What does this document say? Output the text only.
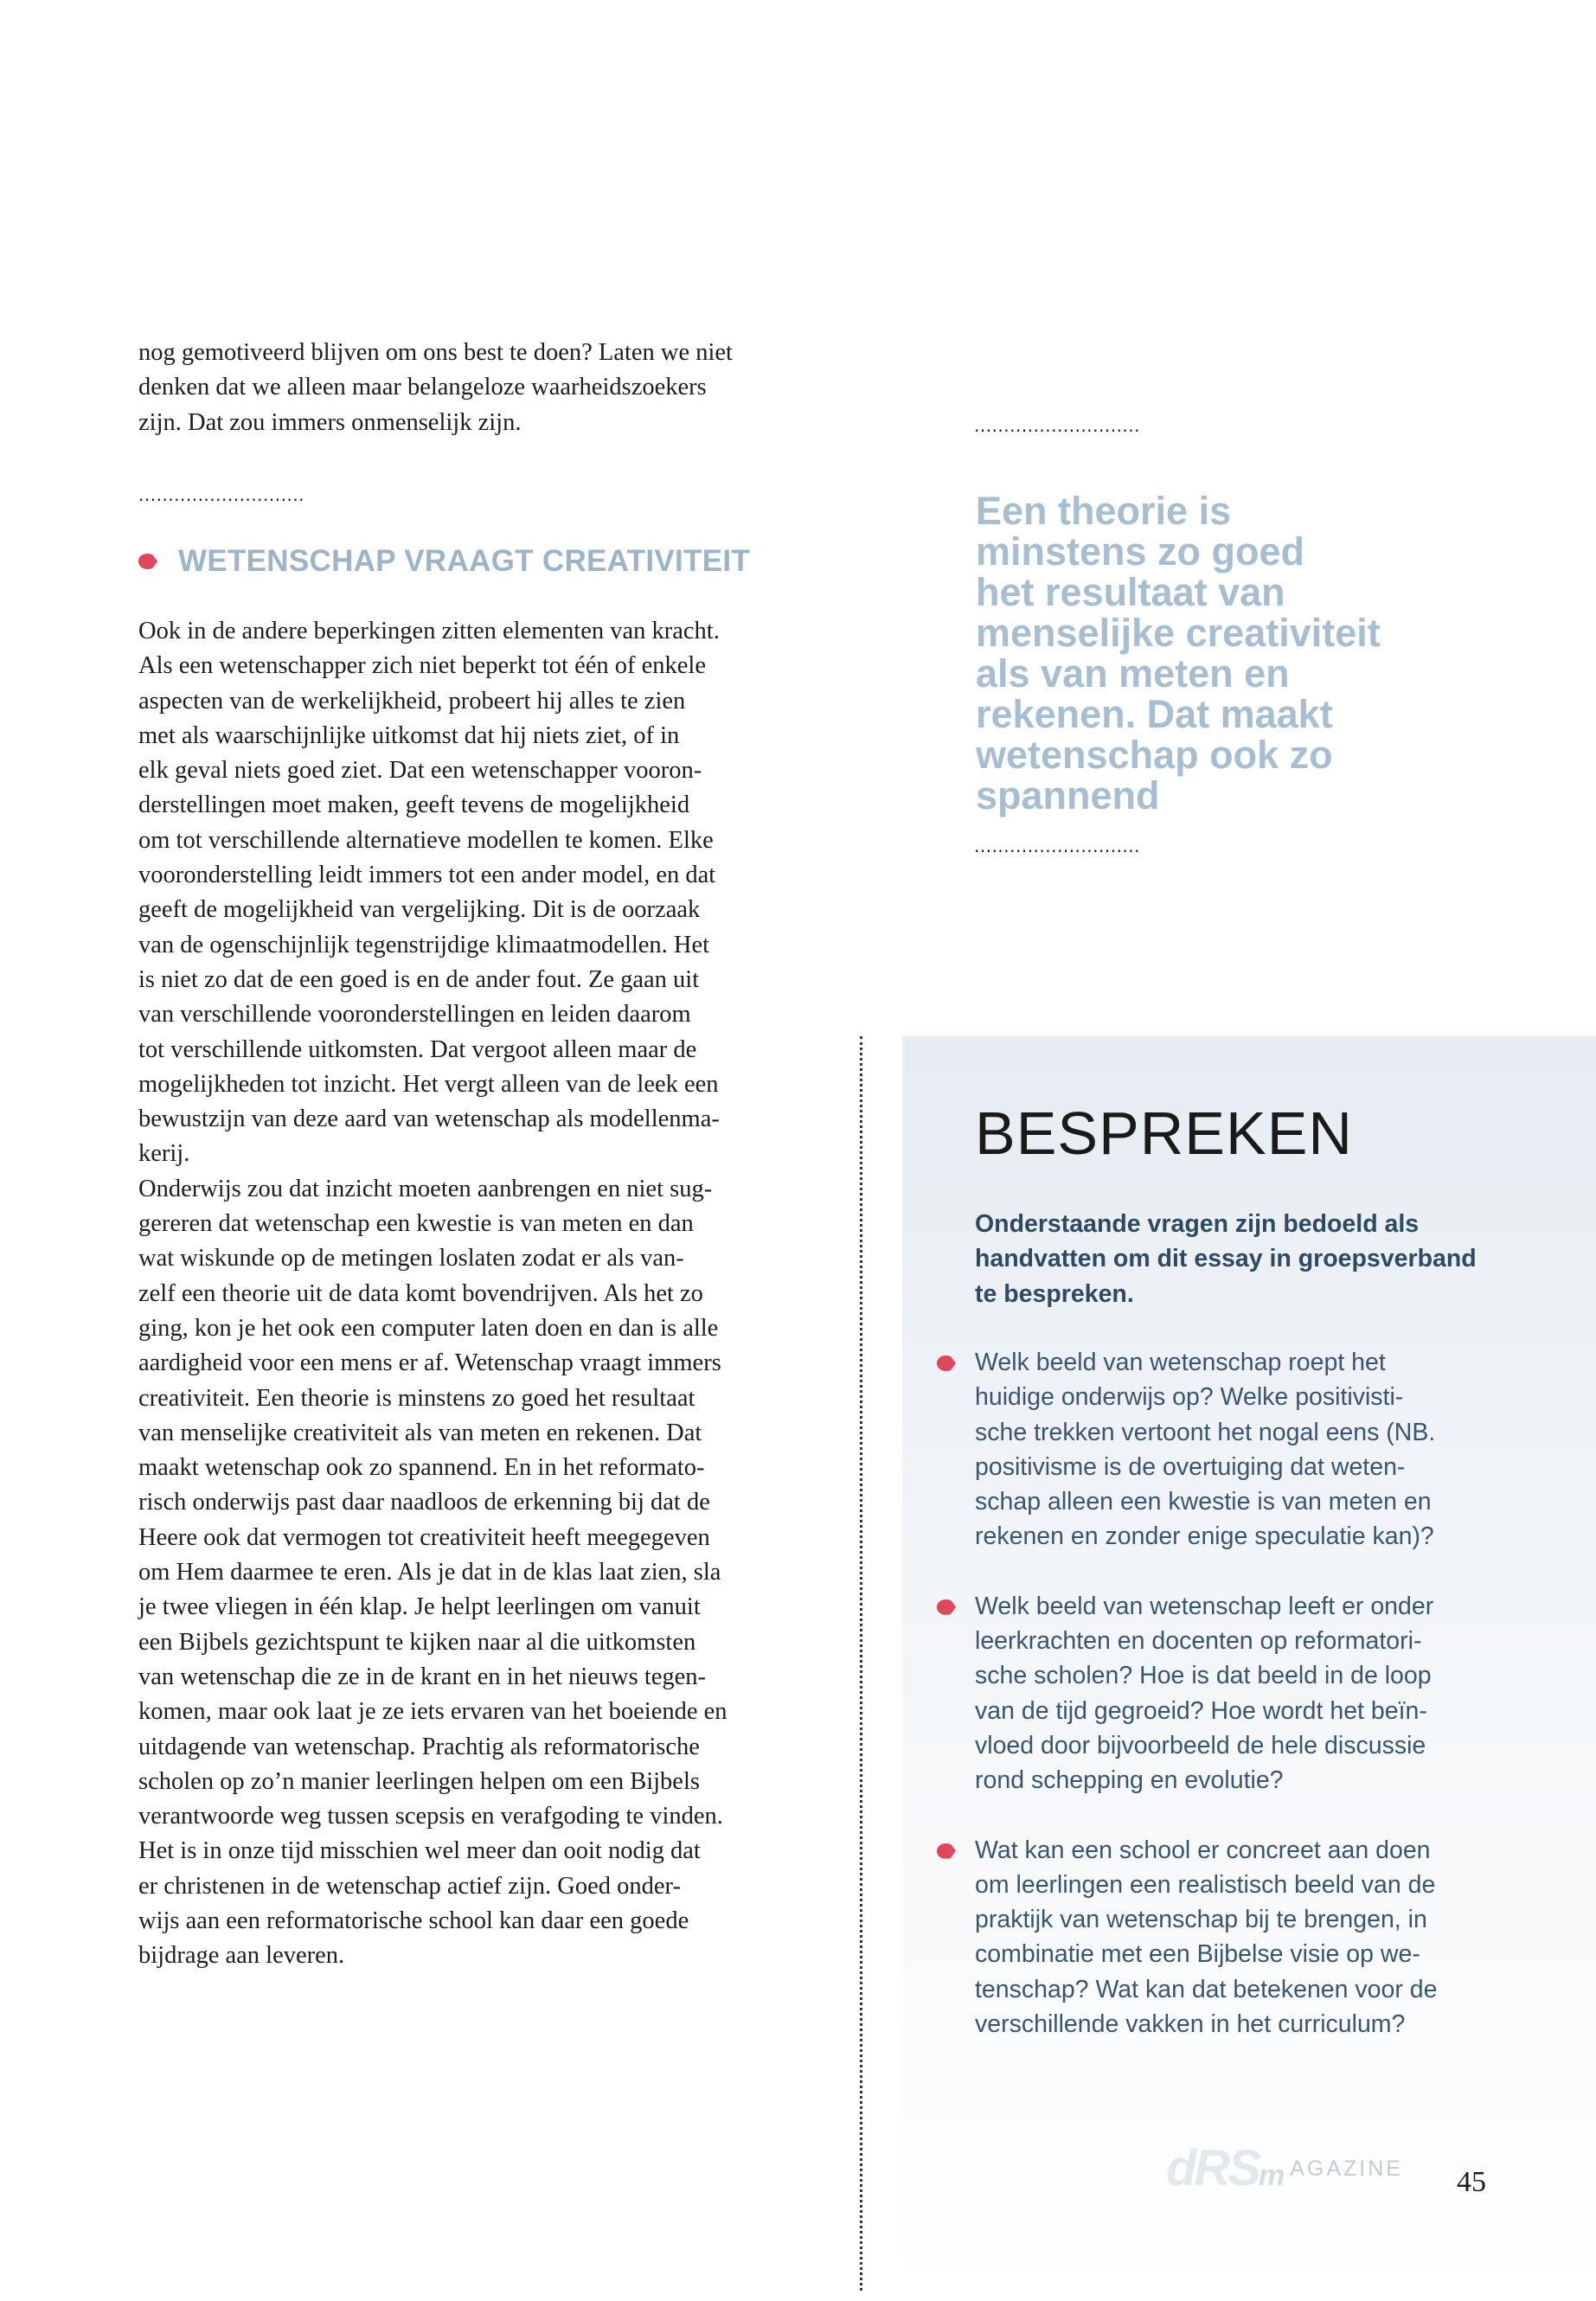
nog gemotiveerd blijven om ons best te doen? Laten we niet

denken dat we alleen maar belangeloze waarheidszoekers

zijn. Dat zou immers onmenselijk zijn.

............................
WETENSCHAP VRAAGT CREATIVITEIT

Ook in de andere beperkingen zitten elementen van kracht.

Als een wetenschapper zich niet beperkt tot één of enkele

aspecten van de werkelijkheid, probeert hij alles te zien

met als waarschijnlijke uitkomst dat hij niets ziet, of in

elk geval niets goed ziet. Dat een wetenschapper vooron-

derstellingen moet maken, geeft tevens de mogelijkheid

om tot verschillende alternatieve modellen te komen. Elke

vooronderstelling leidt immers tot een ander model, en dat

geeft de mogelijkheid van vergelijking. Dit is de oorzaak

van de ogenschijnlijk tegenstrijdige klimaatmodellen. Het

is niet zo dat de een goed is en de ander fout. Ze gaan uit

van verschillende vooronderstellingen en leiden daarom

tot verschillende uitkomsten. Dat vergoot alleen maar de

mogelijkheden tot inzicht. Het vergt alleen van de leek een

bewustzijn van deze aard van wetenschap als modellenma-

kerij.

Onderwijs zou dat inzicht moeten aanbrengen en niet sug-

gereren dat wetenschap een kwestie is van meten en dan

wat wiskunde op de metingen loslaten zodat er als van-

zelf een theorie uit de data komt bovendrijven. Als het zo

ging, kon je het ook een computer laten doen en dan is alle

aardigheid voor een mens er af. Wetenschap vraagt immers

creativiteit. Een theorie is minstens zo goed het resultaat

van menselijke creativiteit als van meten en rekenen. Dat

maakt wetenschap ook zo spannend. En in het reformato-

risch onderwijs past daar naadloos de erkenning bij dat de

Heere ook dat vermogen tot creativiteit heeft meegegeven

om Hem daarmee te eren. Als je dat in de klas laat zien, sla

je twee vliegen in één klap. Je helpt leerlingen om vanuit

een Bijbels gezichtspunt te kijken naar al die uitkomsten

van wetenschap die ze in de krant en in het nieuws tegen-

komen, maar ook laat je ze iets ervaren van het boeiende en

uitdagende van wetenschap. Prachtig als reformatorische

scholen op zo’n manier leerlingen helpen om een Bijbels

verantwoorde weg tussen scepsis en verafgoding te vinden.

Het is in onze tijd misschien wel meer dan ooit nodig dat

er christenen in de wetenschap actief zijn. Goed onder-

wijs aan een reformatorische school kan daar een goede

bijdrage aan leveren.

............................
Een theorie is
minstens zo goed
het resultaat van
menselijke creativiteit
als van meten en
rekenen. Dat maakt
wetenschap ook zo
spannend
............................
BESPREKEN
Onderstaande vragen zijn bedoeld als
handvatten om dit essay in groepsverband
te bespreken.
Welk beeld van wetenschap roept het
huidige onderwijs op? Welke positivisti-
sche trekken vertoont het nogal eens (NB.
positivisme is de overtuiging dat weten-
schap alleen een kwestie is van meten en
rekenen en zonder enige speculatie kan)?
Welk beeld van wetenschap leeft er onder
leerkrachten en docenten op reformatori-
sche scholen? Hoe is dat beeld in de loop
van de tijd gegroeid? Hoe wordt het beïn-
vloed door bijvoorbeeld de hele discussie
rond schepping en evolutie?
Wat kan een school er concreet aan doen
om leerlingen een realistisch beeld van de
praktijk van wetenschap bij te brengen, in
combinatie met een Bijbelse visie op we-
tenschap? Wat kan dat betekenen voor de
verschillende vakken in het curriculum?
dRSm AGAZINE 45
